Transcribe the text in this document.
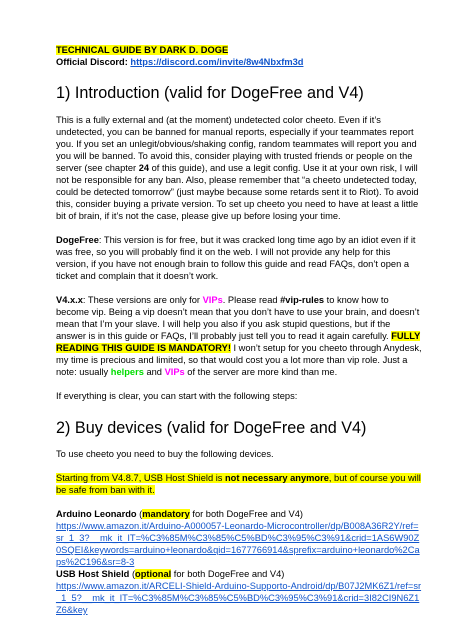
TECHNICAL GUIDE BY DARK D. DOGE
Official Discord: https://discord.com/invite/8w4Nbxfm3d
1) Introduction (valid for DogeFree and V4)

This is a fully external and (at the moment) undetected color cheeto. Even if it’s undetected, you can be banned for manual reports, especially if your teammates report you. If you set an unlegit/obvious/shaking config, random teammates will report you and you will be banned. To avoid this, consider playing with trusted friends or people on the server (see chapter 24 of this guide), and use a legit config. Use it at your own risk, I will not be responsible for any ban. Also, please remember that “a cheeto undetected today, could be detected tomorrow” (just maybe because some retards sent it to Riot). To avoid this, consider buying a private version. To set up cheeto you need to have at least a little bit of brain, if it’s not the case, please give up before losing your time.

DogeFree: This version is for free, but it was cracked long time ago by an idiot even if it was free, so you will probably find it on the web. I will not provide any help for this version, if you have not enough brain to follow this guide and read FAQs, don’t open a ticket and complain that it doesn’t work.

V4.x.x: These versions are only for VIPs. Please read #vip-rules to know how to become vip. Being a vip doesn’t mean that you don’t have to use your brain, and doesn’t mean that I’m your slave. I will help you also if you ask stupid questions, but if the answer is in this guide or FAQs, I’ll probably just tell you to read it again carefully. FULLY READING THIS GUIDE IS MANDATORY! I won’t setup for you cheeto through Anydesk, my time is precious and limited, so that would cost you a lot more than vip role. Just a note: usually helpers and VIPs of the server are more kind than me.

If everything is clear, you can start with the following steps:

2) Buy devices (valid for DogeFree and V4)

To use cheeto you need to buy the following devices.

Starting from V4.8.7, USB Host Shield is not necessary anymore, but of course you will be safe from ban with it.

Arduino Leonardo (mandatory for both DogeFree and V4)

https://www.amazon.it/Arduino-A000057-Leonardo-Microcontroller/dp/B008A36R2Y/ref=sr_1_3?__mk_it_IT=%C3%85M%C3%85%C5%BD%C3%95%C3%91&crid=1AS6W90Z0SQEI&keywords=arduino+leonardo&qid=1677766914&sprefix=arduino+leonardo%2Caps%2C196&sr=8-3

USB Host Shield (optional for both DogeFree and V4)

https://www.amazon.it/ARCELI-Shield-Arduino-Supporto-Android/dp/B07J2MK6Z1/ref=sr_1_5?__mk_it_IT=%C3%85M%C3%85%C5%BD%C3%95%C3%91&crid=3I82CI9N6Z1Z6&key
